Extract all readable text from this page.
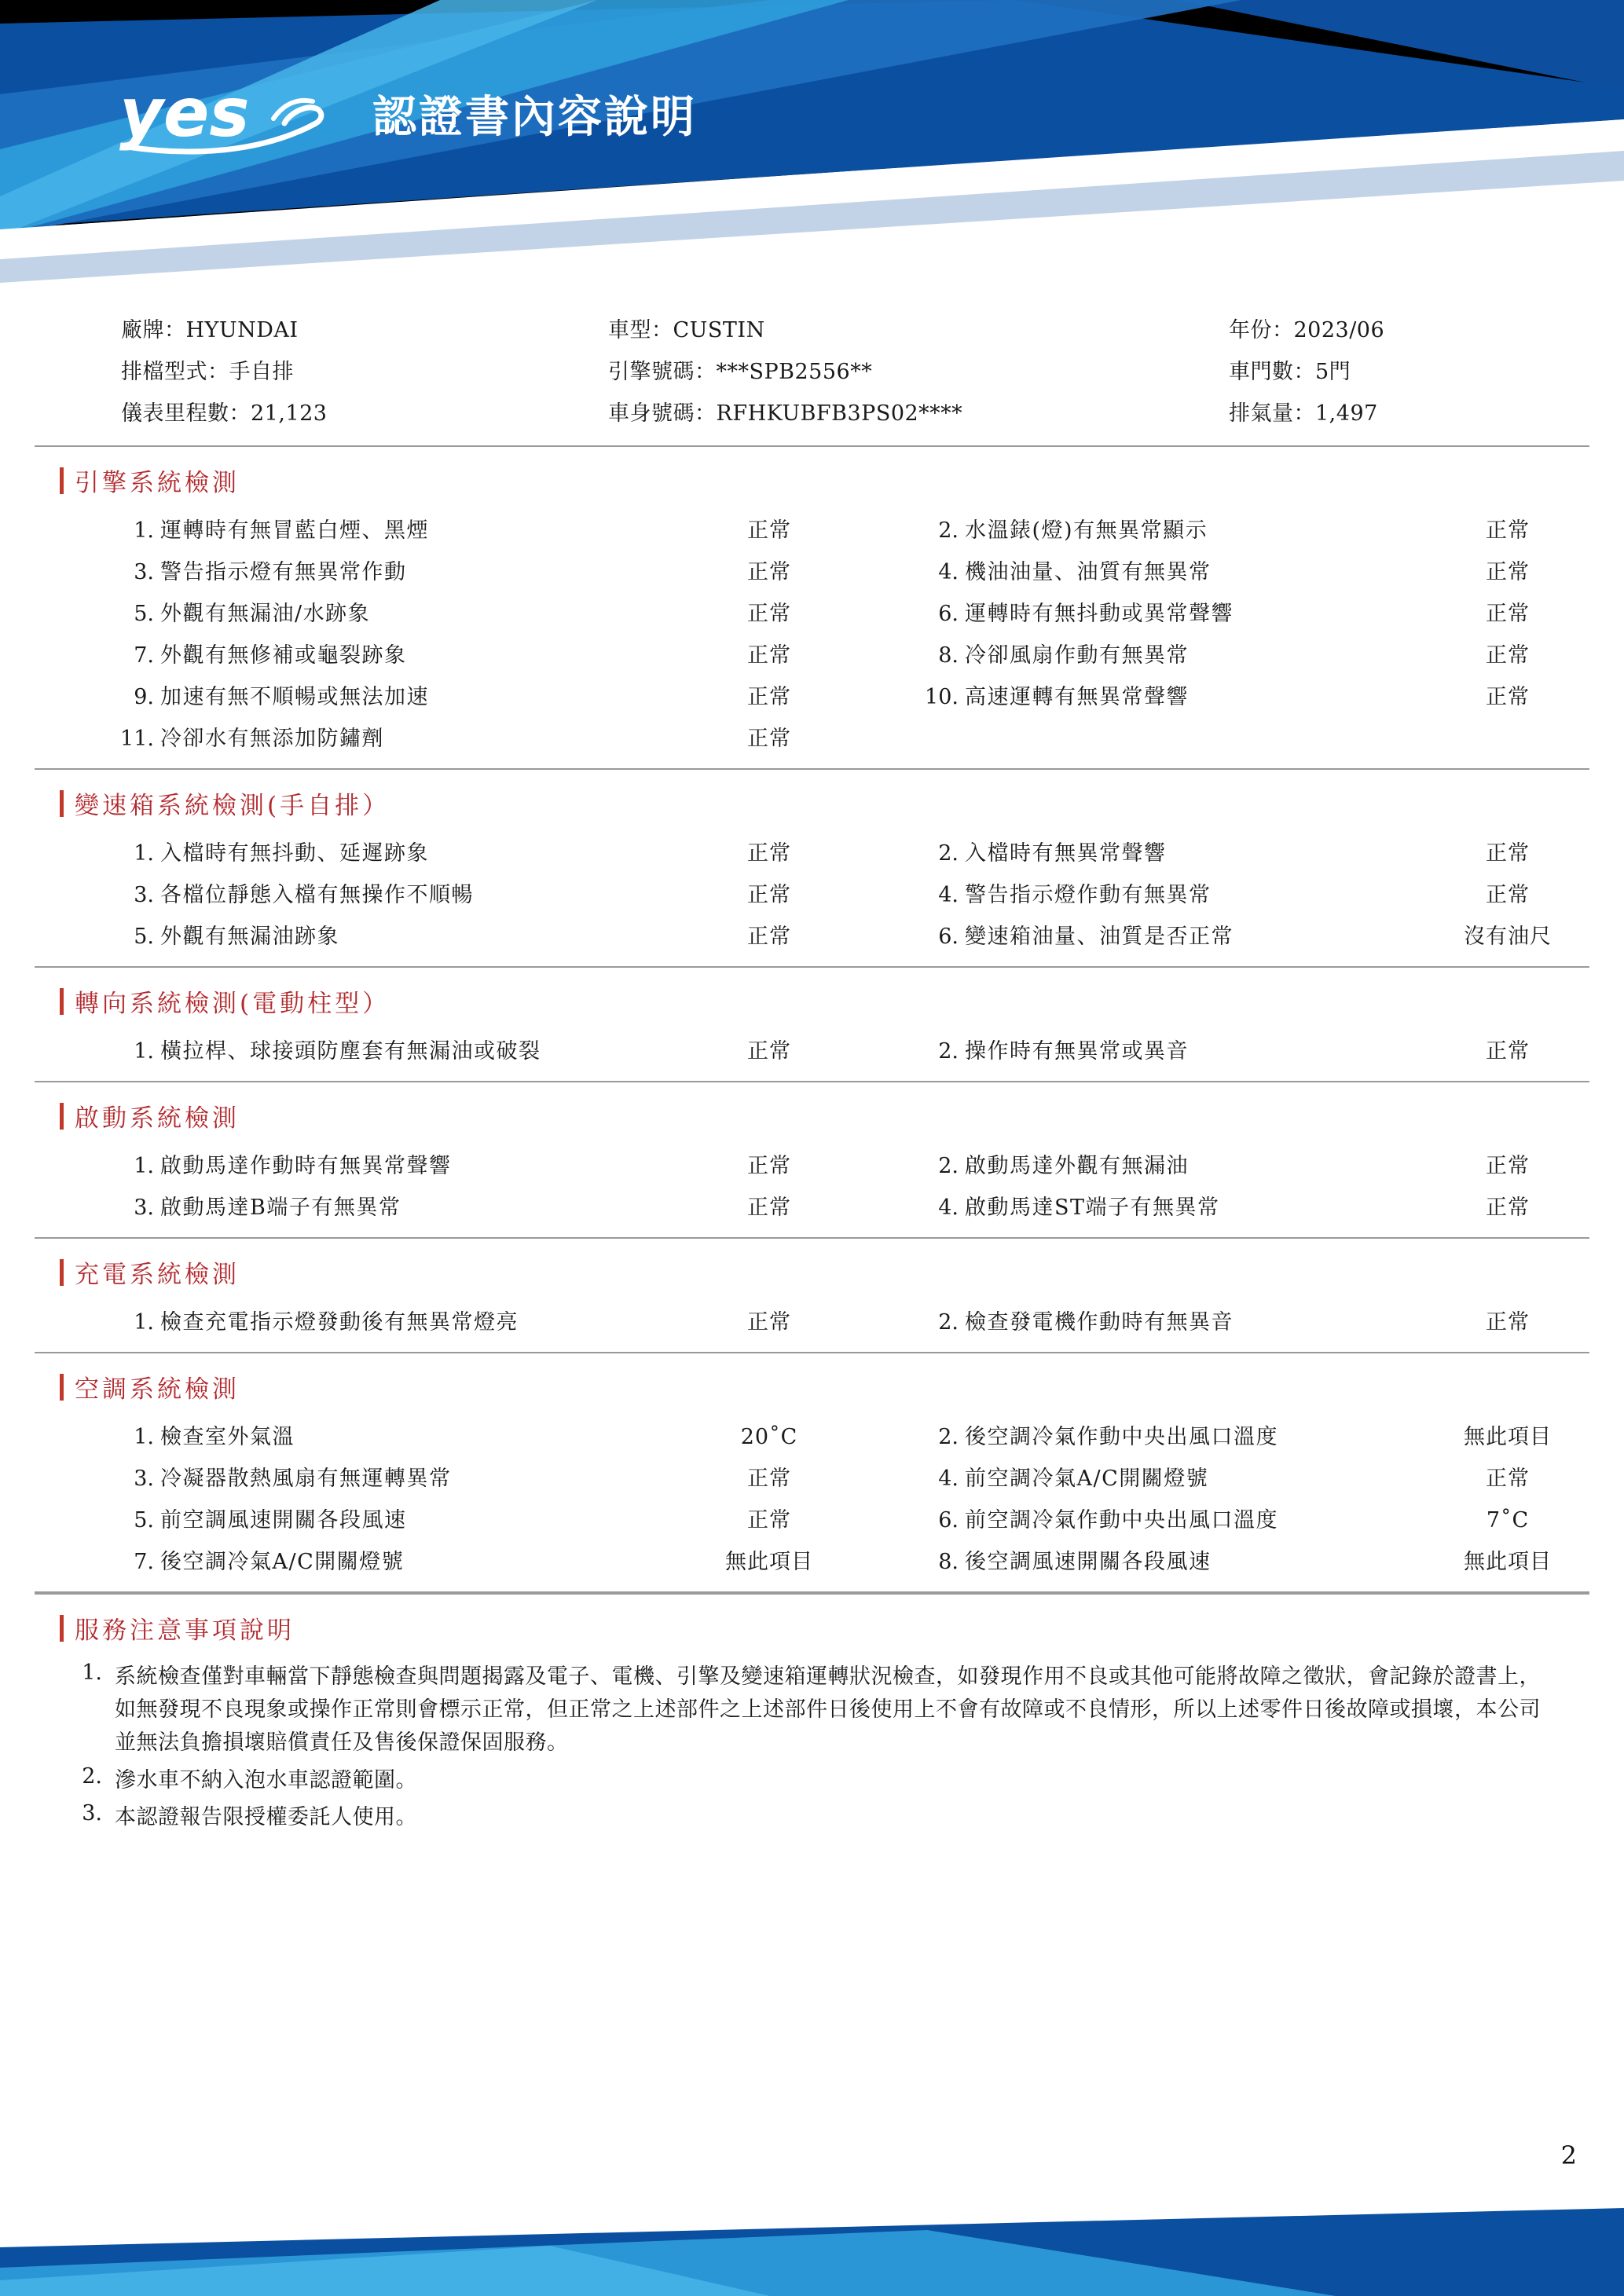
yes	認證書內容說明
廠牌：HYUNDAI	車型：CUSTIN	年份：2023/06
排檔型式：手自排	引擎號碼：***SPB2556**	車門數：5門
儀表里程數：21,123	車身號碼：RFHKUBFB3PS02****	排氣量：1,497
引擎系統檢測
1. 運轉時有無冒藍白煙、黑煙	正常	2. 水溫錶(燈)有無異常顯示	正常
3. 警告指示燈有無異常作動	正常	4. 機油油量、油質有無異常	正常
5. 外觀有無漏油/水跡象	正常	6. 運轉時有無抖動或異常聲響	正常
7. 外觀有無修補或龜裂跡象	正常	8. 冷卻風扇作動有無異常	正常
9. 加速有無不順暢或無法加速	正常	10. 高速運轉有無異常聲響	正常
11. 冷卻水有無添加防鏽劑	正常
變速箱系統檢測(手自排）
1. 入檔時有無抖動、延遲跡象	正常	2. 入檔時有無異常聲響	正常
3. 各檔位靜態入檔有無操作不順暢	正常	4. 警告指示燈作動有無異常	正常
5. 外觀有無漏油跡象	正常	6. 變速箱油量、油質是否正常	沒有油尺
轉向系統檢測(電動柱型）
1. 橫拉桿、球接頭防塵套有無漏油或破裂	正常	2. 操作時有無異常或異音	正常
啟動系統檢測
1. 啟動馬達作動時有無異常聲響	正常	2. 啟動馬達外觀有無漏油	正常
3. 啟動馬達B端子有無異常	正常	4. 啟動馬達ST端子有無異常	正常
充電系統檢測
1. 檢查充電指示燈發動後有無異常燈亮	正常	2. 檢查發電機作動時有無異音	正常
空調系統檢測
1. 檢查室外氣溫	20˚C	2. 後空調冷氣作動中央出風口溫度	無此項目
3. 冷凝器散熱風扇有無運轉異常	正常	4. 前空調冷氣A/C開關燈號	正常
5. 前空調風速開關各段風速	正常	6. 前空調冷氣作動中央出風口溫度	7˚C
7. 後空調冷氣A/C開關燈號	無此項目	8. 後空調風速開關各段風速	無此項目
服務注意事項說明
1. 系統檢查僅對車輛當下靜態檢查與問題揭露及電子、電機、引擎及變速箱運轉狀況檢查，如發現作用不良或其他可能將故障之徵狀，會記錄於證書上，如無發現不良現象或操作正常則會標示正常，但正常之上述部件之上述部件日後使用上不會有故障或不良情形，所以上述零件日後故障或損壞，本公司並無法負擔損壞賠償責任及售後保證保固服務。
2. 滲水車不納入泡水車認證範圍。
3. 本認證報告限授權委託人使用。
2
